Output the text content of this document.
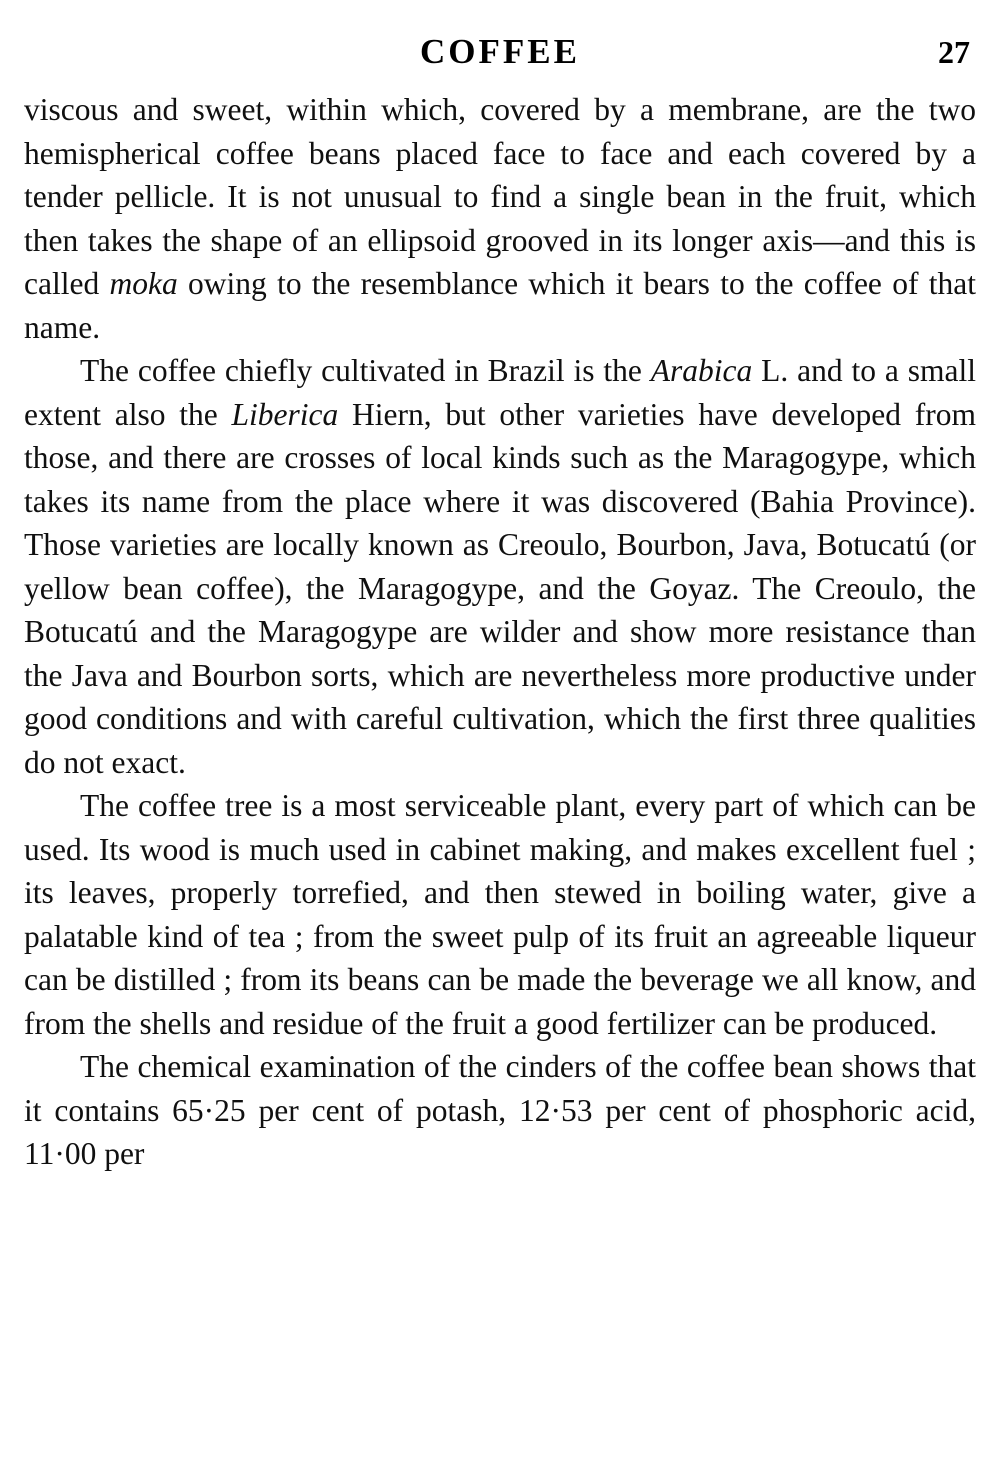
COFFEE	27

viscous and sweet, within which, covered by a membrane, are the two hemispherical coffee beans placed face to face and each covered by a tender pellicle. It is not unusual to find a single bean in the fruit, which then takes the shape of an ellipsoid grooved in its longer axis—and this is called moka owing to the resemblance which it bears to the coffee of that name.

The coffee chiefly cultivated in Brazil is the Arabica L. and to a small extent also the Liberica Hiern, but other varieties have developed from those, and there are crosses of local kinds such as the Maragogype, which takes its name from the place where it was discovered (Bahia Province). Those varieties are locally known as Creoulo, Bourbon, Java, Botucatú (or yellow bean coffee), the Maragogype, and the Goyaz. The Creoulo, the Botucatú and the Maragogype are wilder and show more resistance than the Java and Bourbon sorts, which are nevertheless more productive under good conditions and with careful cultivation, which the first three qualities do not exact.

The coffee tree is a most serviceable plant, every part of which can be used. Its wood is much used in cabinet making, and makes excellent fuel ; its leaves, properly torrefied, and then stewed in boiling water, give a palatable kind of tea ; from the sweet pulp of its fruit an agreeable liqueur can be distilled ; from its beans can be made the beverage we all know, and from the shells and residue of the fruit a good fertilizer can be produced.

The chemical examination of the cinders of the coffee bean shows that it contains 65·25 per cent of potash, 12·53 per cent of phosphoric acid, 11·00 per
